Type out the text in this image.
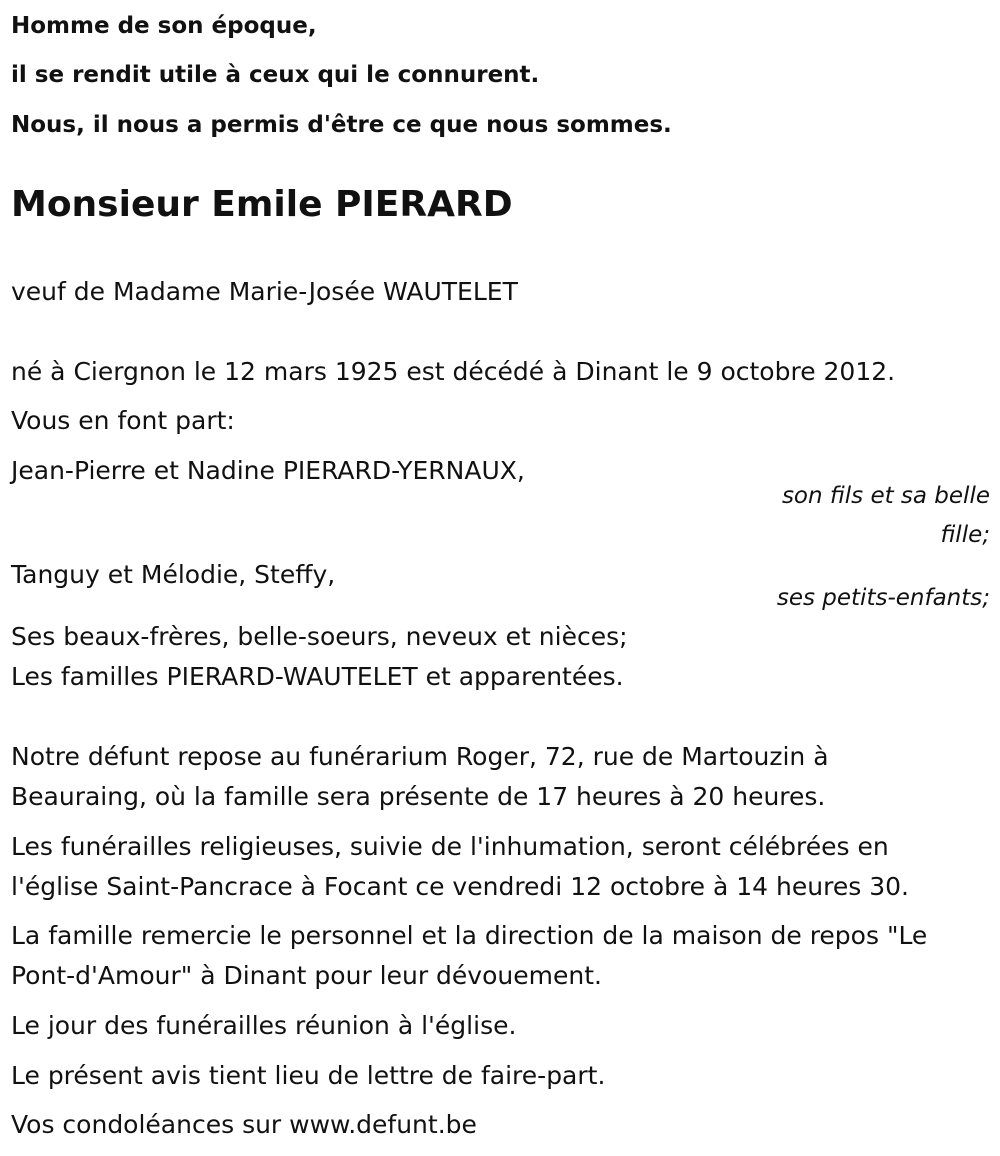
Homme de son époque,
il se rendit utile à ceux qui le connurent.
Nous, il nous a permis d'être ce que nous sommes.
Monsieur Emile PIERARD
veuf de Madame Marie-Josée WAUTELET
né à Ciergnon le 12 mars 1925 est décédé à Dinant le 9 octobre 2012.
Vous en font part:
Jean-Pierre et Nadine PIERARD-YERNAUX,
son fils et sa belle
fille;
Tanguy et Mélodie, Steffy,
ses petits-enfants;
Ses beaux-frères, belle-soeurs, neveux et nièces;
Les familles PIERARD-WAUTELET et apparentées.
Notre défunt repose au funérarium Roger, 72, rue de Martouzin à
Beauraing, où la famille sera présente de 17 heures à 20 heures.
Les funérailles religieuses, suivie de l'inhumation, seront célébrées en
l'église Saint-Pancrace à Focant ce vendredi 12 octobre à 14 heures 30.
La famille remercie le personnel et la direction de la maison de repos "Le
Pont-d'Amour" à Dinant pour leur dévouement.
Le jour des funérailles réunion à l'église.
Le présent avis tient lieu de lettre de faire-part.
Vos condoléances sur www.defunt.be
